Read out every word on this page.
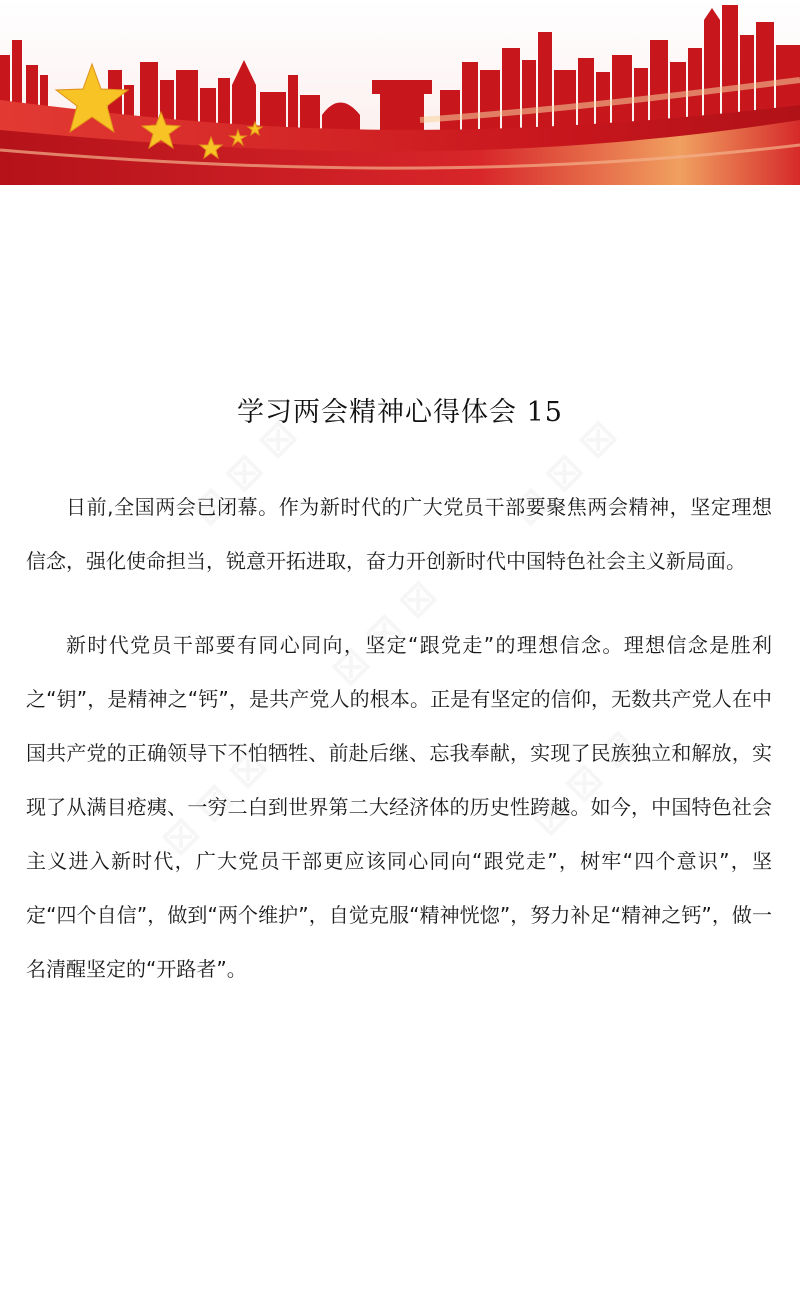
学习两会精神心得体会 15

日前,全国两会已闭幕。作为新时代的广大党员干部要聚焦两会精神，坚定理想信念，强化使命担当，锐意开拓进取，奋力开创新时代中国特色社会主义新局面。

新时代党员干部要有同心同向，坚定“跟党走”的理想信念。理想信念是胜利之“钥”，是精神之“钙”，是共产党人的根本。正是有坚定的信仰，无数共产党人在中国共产党的正确领导下不怕牺牲、前赴后继、忘我奉献，实现了民族独立和解放，实现了从满目疮痍、一穷二白到世界第二大经济体的历史性跨越。如今，中国特色社会主义进入新时代，广大党员干部更应该同心同向“跟党走”，树牢“四个意识”，坚定“四个自信”，做到“两个维护”，自觉克服“精神恍惚”，努力补足“精神之钙”，做一名清醒坚定的“开路者”。
